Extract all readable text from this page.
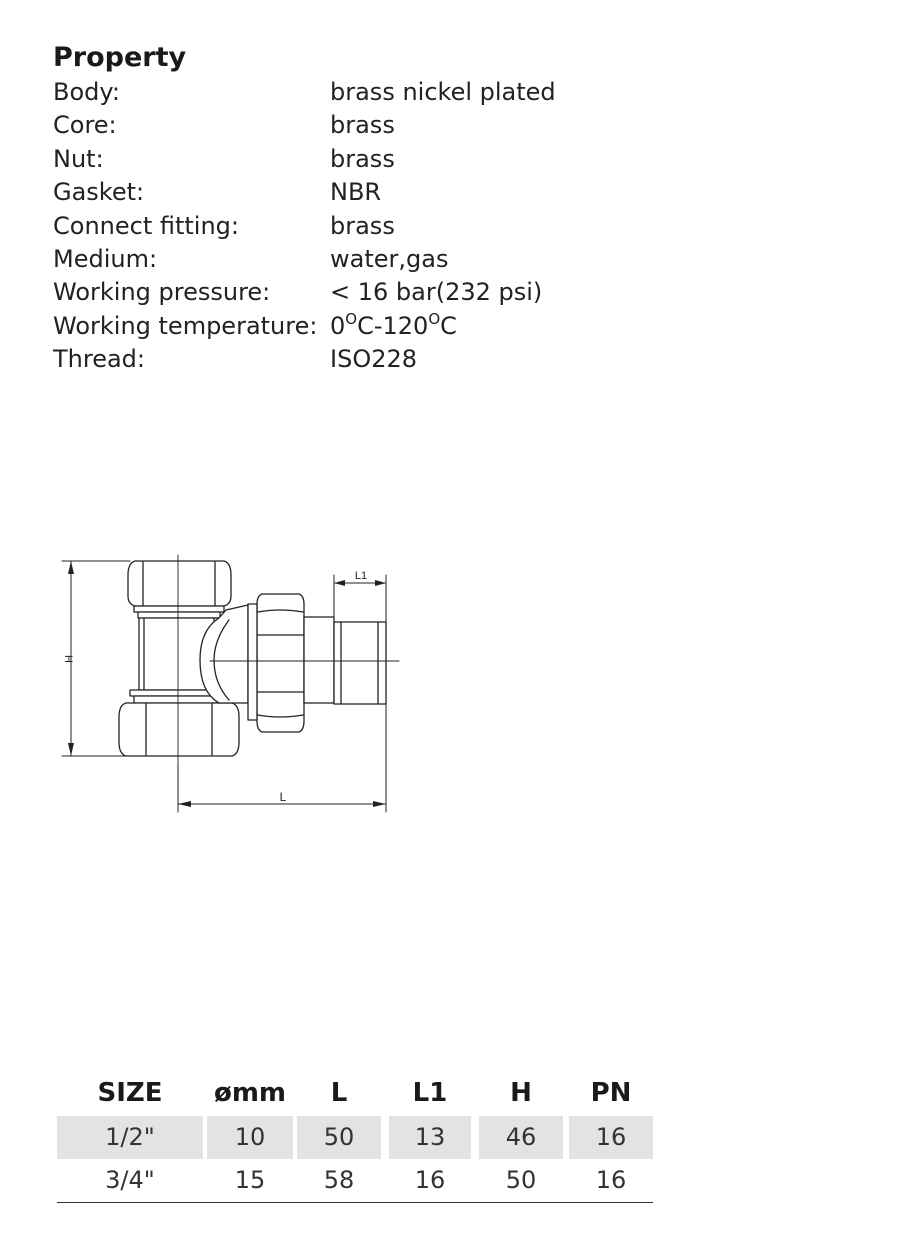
Property
Body:	brass nickel plated
Core:	brass
Nut:	brass
Gasket:	NBR
Connect fitting:	brass
Medium:	water,gas
Working pressure: < 16 bar(232 psi)
Working temperature: $0^OC-120^OC$
Thread:	ISO228
H
L
L1
SIZE	ømm	L	L1	H	PN
1/2"	10	50	13	46	16
3/4"	15	58	16	50	16
